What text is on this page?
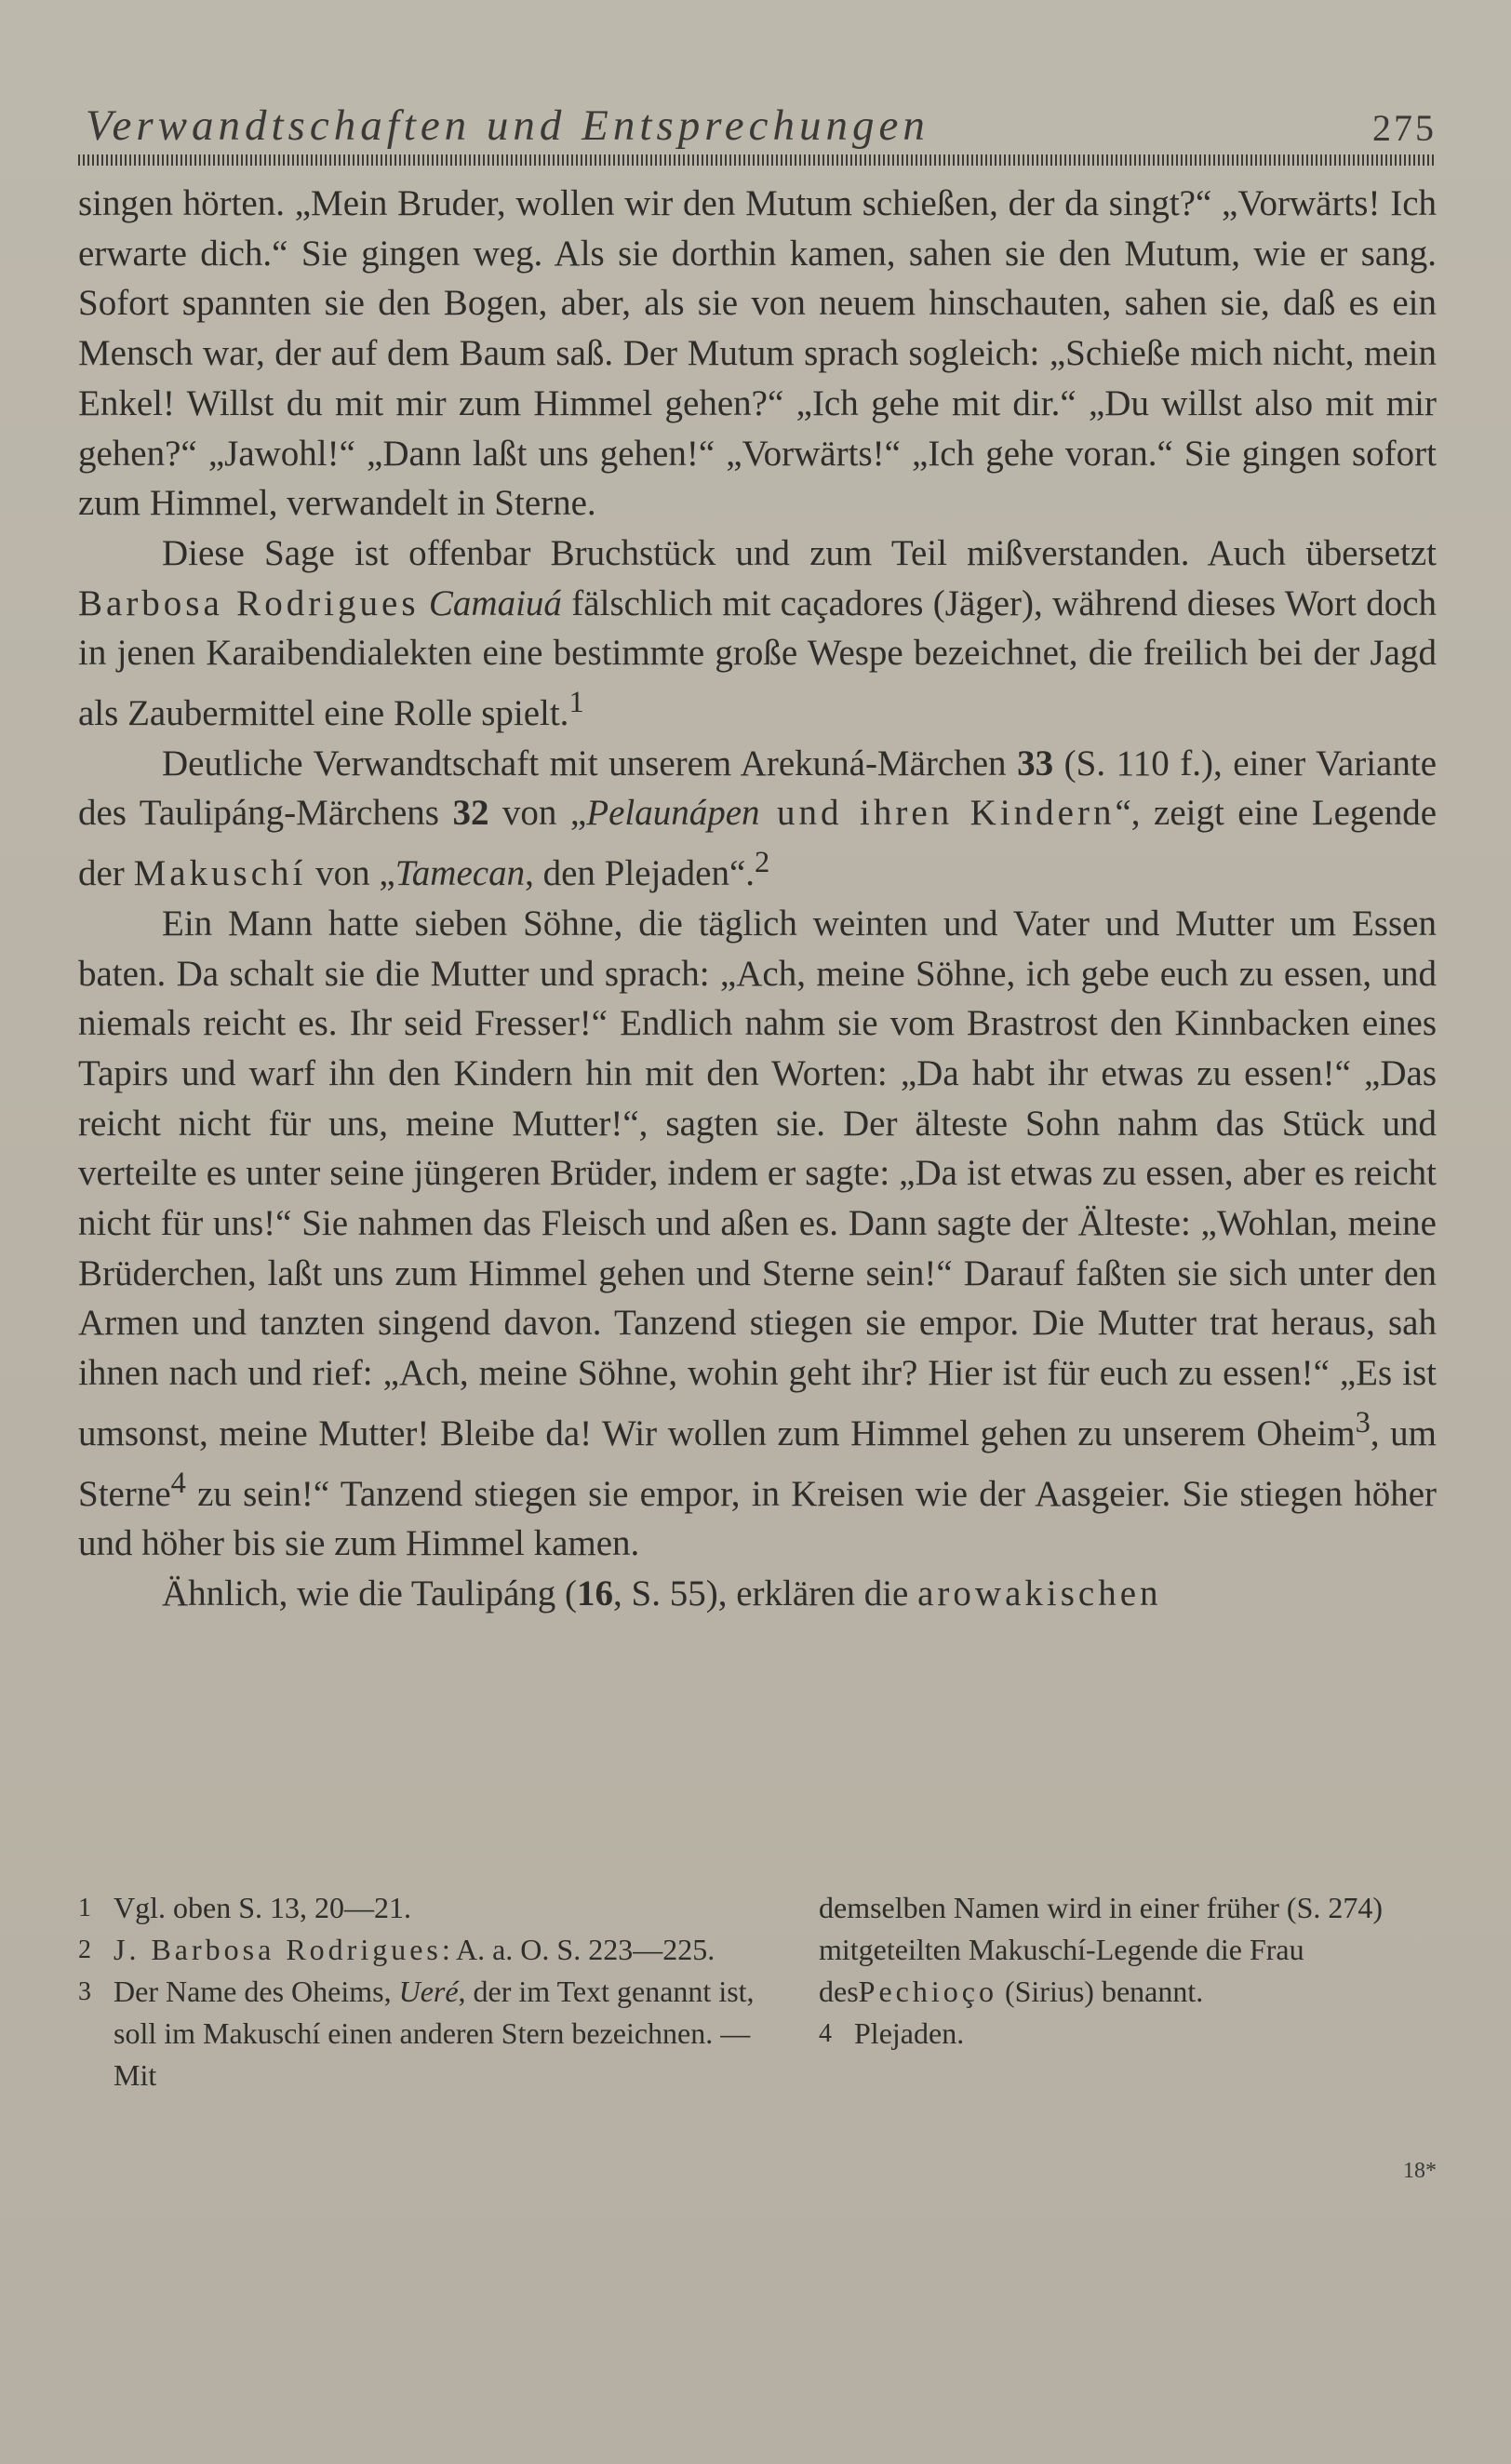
Verwandtschaften und Entsprechungen	275

singen hörten. „Mein Bruder, wollen wir den Mutum schießen, der da singt?“ „Vorwärts! Ich erwarte dich.“ Sie gingen weg. Als sie dorthin kamen, sahen sie den Mutum, wie er sang. Sofort spannten sie den Bogen, aber, als sie von neuem hinschauten, sahen sie, daß es ein Mensch war, der auf dem Baum saß. Der Mutum sprach sogleich: „Schieße mich nicht, mein Enkel! Willst du mit mir zum Himmel gehen?“ „Ich gehe mit dir.“ „Du willst also mit mir gehen?“ „Jawohl!“ „Dann laßt uns gehen!“ „Vorwärts!“ „Ich gehe voran.“ Sie gingen sofort zum Himmel, verwandelt in Sterne.

Diese Sage ist offenbar Bruchstück und zum Teil mißverstanden. Auch übersetzt Barbosa Rodrigues Camaiuá fälschlich mit caçadores (Jäger), während dieses Wort doch in jenen Karaibendialekten eine bestimmte große Wespe bezeichnet, die freilich bei der Jagd als Zaubermittel eine Rolle spielt.$^1$

Deutliche Verwandtschaft mit unserem Arekuná-Märchen 33 (S. 110 f.), einer Variante des Taulipáng-Märchens 32 von „Pelaunápen und ihren Kindern“, zeigt eine Legende der Makuschí von „Tamecan, den Plejaden“.$^2$

Ein Mann hatte sieben Söhne, die täglich weinten und Vater und Mutter um Essen baten. Da schalt sie die Mutter und sprach: „Ach, meine Söhne, ich gebe euch zu essen, und niemals reicht es. Ihr seid Fresser!“ Endlich nahm sie vom Brastrost den Kinnbacken eines Tapirs und warf ihn den Kindern hin mit den Worten: „Da habt ihr etwas zu essen!“ „Das reicht nicht für uns, meine Mutter!“, sagten sie. Der älteste Sohn nahm das Stück und verteilte es unter seine jüngeren Brüder, indem er sagte: „Da ist etwas zu essen, aber es reicht nicht für uns!“ Sie nahmen das Fleisch und aßen es. Dann sagte der Älteste: „Wohlan, meine Brüderchen, laßt uns zum Himmel gehen und Sterne sein!“ Darauf faßten sie sich unter den Armen und tanzten singend davon. Tanzend stiegen sie empor. Die Mutter trat heraus, sah ihnen nach und rief: „Ach, meine Söhne, wohin geht ihr? Hier ist für euch zu essen!“ „Es ist umsonst, meine Mutter! Bleibe da! Wir wollen zum Himmel gehen zu unserem Oheim$^3$, um Sterne$^4$ zu sein!“ Tanzend stiegen sie empor, in Kreisen wie der Aasgeier. Sie stiegen höher und höher bis sie zum Himmel kamen.

Ähnlich, wie die Taulipáng (16, S. 55), erklären die arowakischen

1 Vgl. oben S. 13, 20—21.

2 J. Barbosa Rodrigues: A. a. O. S. 223—225.

3 Der Name des Oheims, Ueré, der im Text genannt ist, soll im Makuschí einen anderen Stern bezeichnen. — Mit

demselben Namen wird in einer früher (S. 274) mitgeteilten Makuschí-Legende die Frau desPechioço (Sirius) benannt.

4 Plejaden.

18*
